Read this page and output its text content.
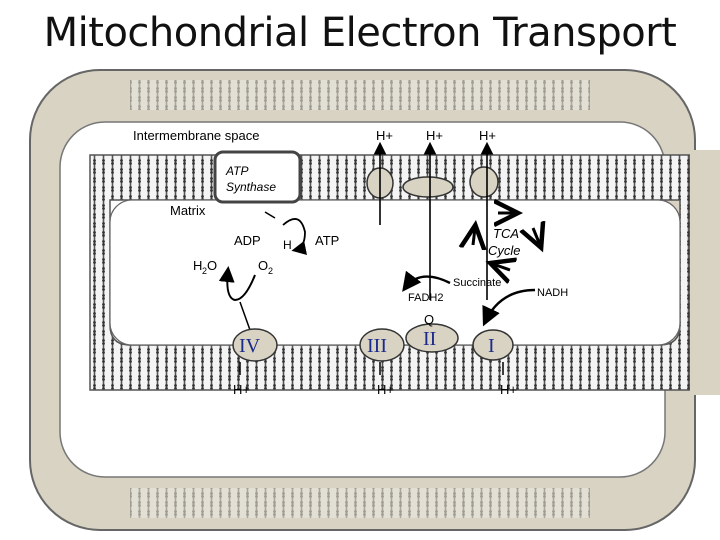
Mitochondrial Electron Transport
ATP
Synthase
H+	H+	H+
Intermembrane space
Matrix
ADP H ATP
H 2 O	O 2
IV	III II	I
Q
H+	H+	H+
TCA
Cycle
Succinate
NADH
FADH2
